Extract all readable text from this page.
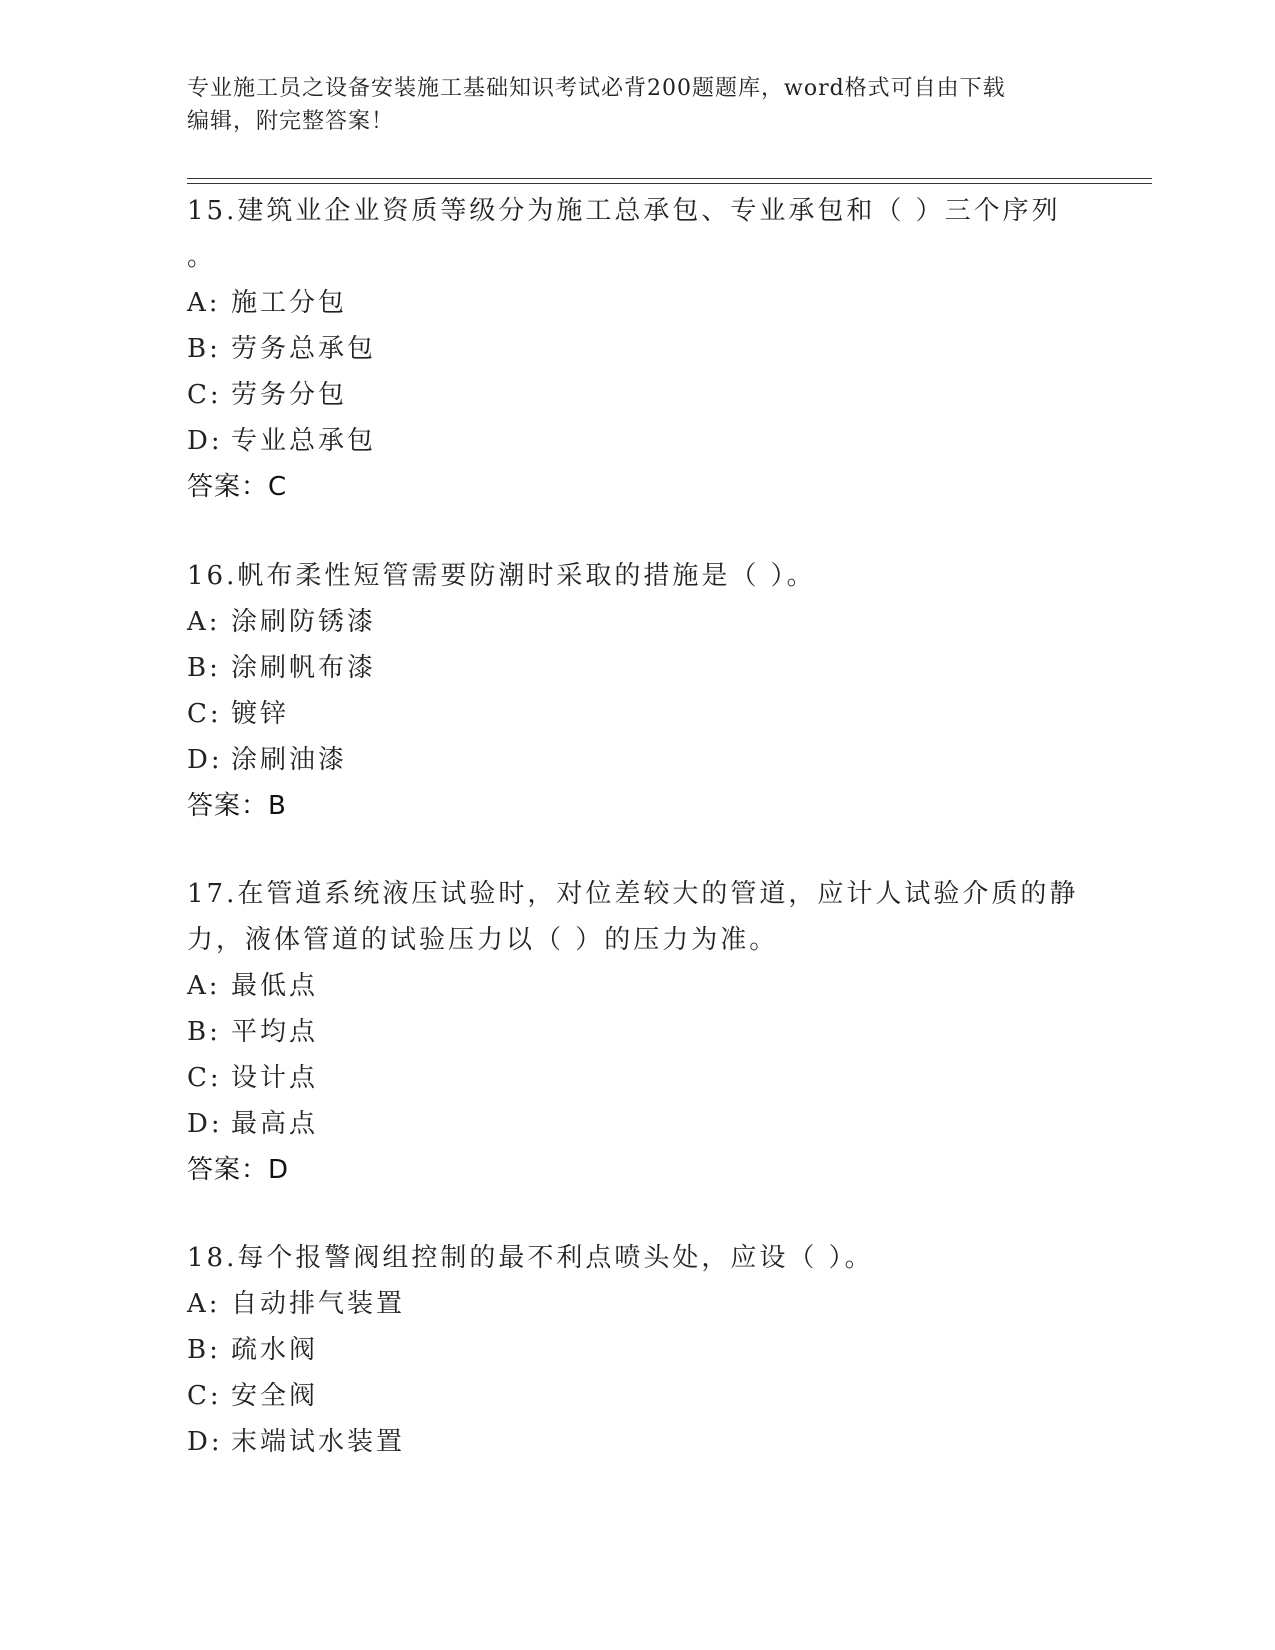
专业施工员之设备安装施工基础知识考试必背200题题库，word格式可自由下载
编辑，附完整答案！
15.建筑业企业资质等级分为施工总承包、专业承包和（ ）三个序列
。
A: 施工分包
B: 劳务总承包
C: 劳务分包
D: 专业总承包
答案：C
16.帆布柔性短管需要防潮时采取的措施是（ ）。
A: 涂刷防锈漆
B: 涂刷帆布漆
C: 镀锌
D: 涂刷油漆
答案：B
17.在管道系统液压试验时，对位差较大的管道，应计人试验介质的静
力，液体管道的试验压力以（ ）的压力为准。
A: 最低点
B: 平均点
C: 设计点
D: 最高点
答案：D
18.每个报警阀组控制的最不利点喷头处，应设（ ）。
A: 自动排气装置
B: 疏水阀
C: 安全阀
D: 末端试水装置
